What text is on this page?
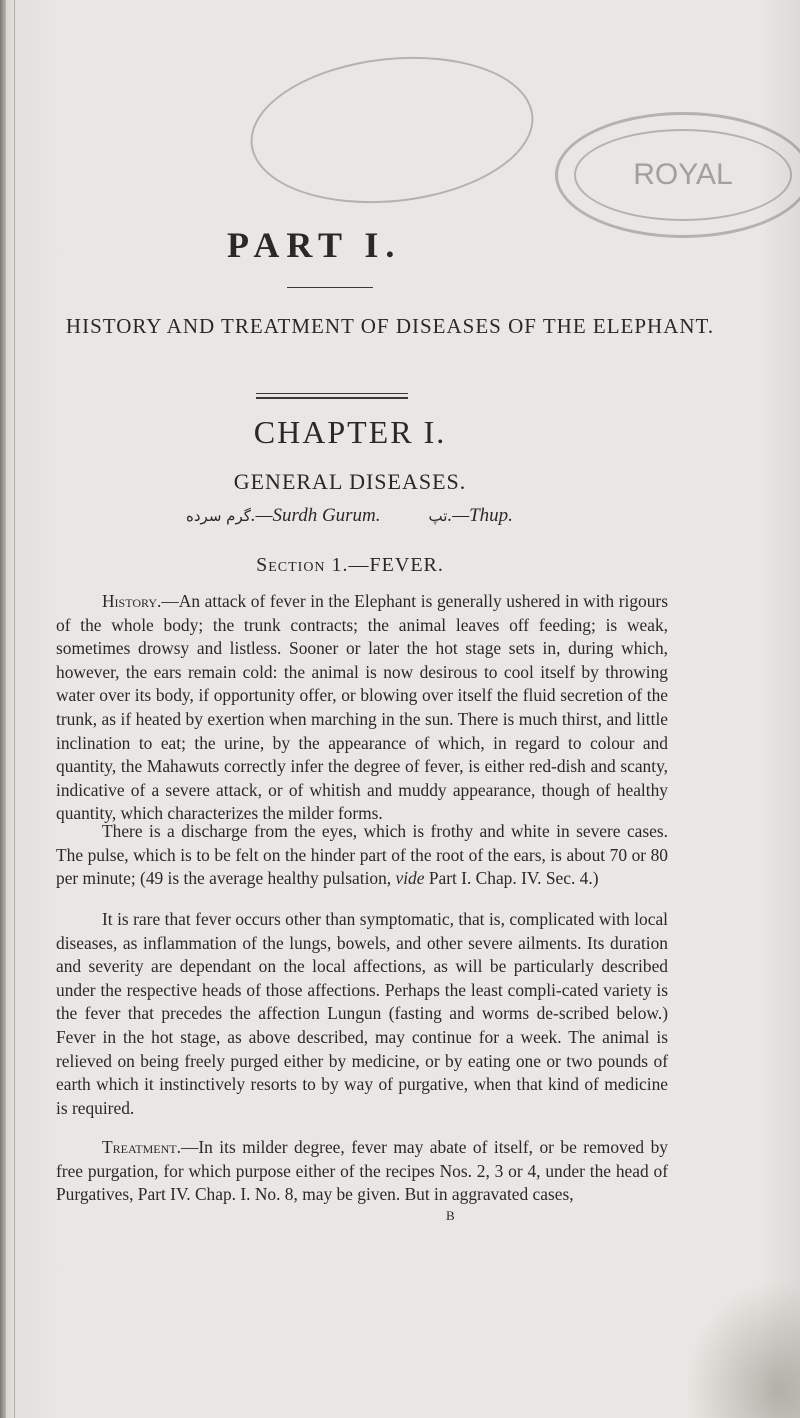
ROYAL
PART I.
HISTORY AND TREATMENT OF DISEASES OF THE ELEPHANT.
CHAPTER I.
GENERAL DISEASES.
گرم سرده.—Surdh Gurum.	تپ.—Thup.
Section 1.—FEVER.

History.—An attack of fever in the Elephant is generally ushered in with rigours of the whole body; the trunk contracts; the animal leaves off feeding; is weak, sometimes drowsy and listless. Sooner or later the hot stage sets in, during which, however, the ears remain cold: the animal is now desirous to cool itself by throwing water over its body, if opportunity offer, or blowing over itself the fluid secretion of the trunk, as if heated by exertion when marching in the sun. There is much thirst, and little inclination to eat; the urine, by the appearance of which, in regard to colour and quantity, the Mahawuts correctly infer the degree of fever, is either red-dish and scanty, indicative of a severe attack, or of whitish and muddy appearance, though of healthy quantity, which characterizes the milder forms.

There is a discharge from the eyes, which is frothy and white in severe cases. The pulse, which is to be felt on the hinder part of the root of the ears, is about 70 or 80 per minute; (49 is the average healthy pulsation, vide Part I. Chap. IV. Sec. 4.)

It is rare that fever occurs other than symptomatic, that is, complicated with local diseases, as inflammation of the lungs, bowels, and other severe ailments. Its duration and severity are dependant on the local affections, as will be particularly described under the respective heads of those affections. Perhaps the least compli-cated variety is the fever that precedes the affection Lungun (fasting and worms de-scribed below.) Fever in the hot stage, as above described, may continue for a week. The animal is relieved on being freely purged either by medicine, or by eating one or two pounds of earth which it instinctively resorts to by way of purgative, when that kind of medicine is required.

Treatment.—In its milder degree, fever may abate of itself, or be removed by free purgation, for which purpose either of the recipes Nos. 2, 3 or 4, under the head of Purgatives, Part IV. Chap. I. No. 8, may be given. But in aggravated cases,

B
